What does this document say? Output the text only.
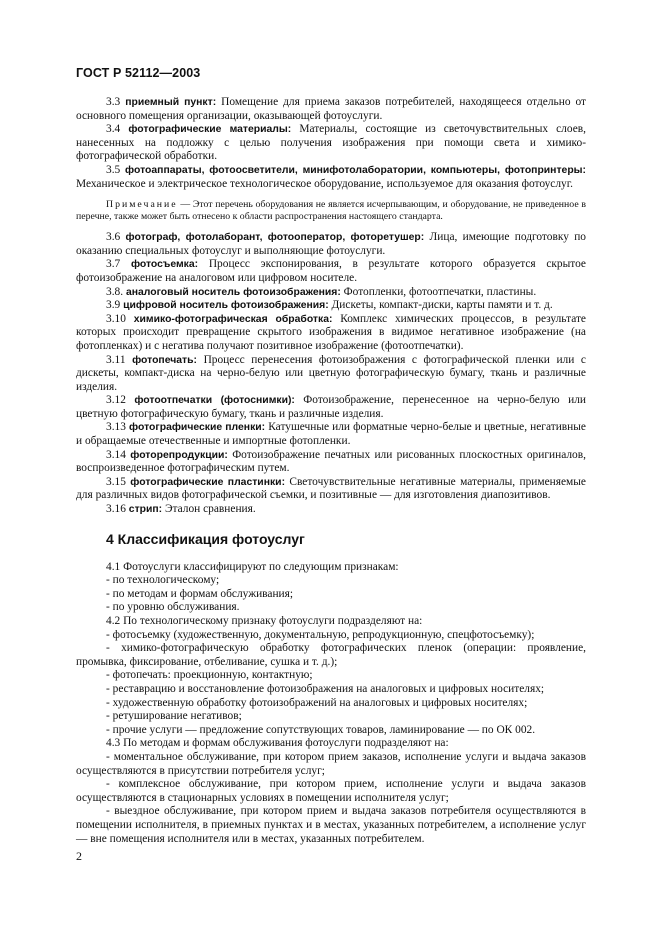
ГОСТ Р 52112—2003

3.3 приемный пункт: Помещение для приема заказов потребителей, находящееся отдельно от основного помещения организации, оказывающей фотоуслуги.

3.4 фотографические материалы: Материалы, состоящие из светочувствительных слоев, нанесенных на подложку с целью получения изображения при помощи света и химико-фотографической обработки.

3.5 фотоаппараты, фотоосветители, минифотолаборатории, компьютеры, фотопринтеры: Механическое и электрическое технологическое оборудование, используемое для оказания фотоуслуг.

Примечание — Этот перечень оборудования не является исчерпывающим, и оборудование, не приведенное в перечне, также может быть отнесено к области распространения настоящего стандарта.

3.6 фотограф, фотолаборант, фотооператор, фоторетушер: Лица, имеющие подготовку по оказанию специальных фотоуслуг и выполняющие фотоуслуги.

3.7 фотосъемка: Процесс экспонирования, в результате которого образуется скрытое фотоизображение на аналоговом или цифровом носителе.

3.8. аналоговый носитель фотоизображения: Фотопленки, фотоотпечатки, пластины.

3.9 цифровой носитель фотоизображения: Дискеты, компакт-диски, карты памяти и т. д.

3.10 химико-фотографическая обработка: Комплекс химических процессов, в результате которых происходит превращение скрытого изображения в видимое негативное изображение (на фотопленках) и с негатива получают позитивное изображение (фотоотпечатки).

3.11 фотопечать: Процесс перенесения фотоизображения с фотографической пленки или с дискеты, компакт-диска на черно-белую или цветную фотографическую бумагу, ткань и различные изделия.

3.12 фотоотпечатки (фотоснимки): Фотоизображение, перенесенное на черно-белую или цветную фотографическую бумагу, ткань и различные изделия.

3.13 фотографические пленки: Катушечные или форматные черно-белые и цветные, негативные и обращаемые отечественные и импортные фотопленки.

3.14 фоторепродукции: Фотоизображение печатных или рисованных плоскостных оригиналов, воспроизведенное фотографическим путем.

3.15 фотографические пластинки: Светочувствительные негативные материалы, применяемые для различных видов фотографической съемки, и позитивные — для изготовления диапозитивов.

3.16 стрип: Эталон сравнения.

4 Классификация фотоуслуг

4.1 Фотоуслуги классифицируют по следующим признакам:

- по технологическому;

- по методам и формам обслуживания;

- по уровню обслуживания.

4.2 По технологическому признаку фотоуслуги подразделяют на:

- фотосъемку (художественную, документальную, репродукционную, спецфотосъемку);

- химико-фотографическую обработку фотографических пленок (операции: проявление, промывка, фиксирование, отбеливание, сушка и т. д.);

- фотопечать: проекционную, контактную;

- реставрацию и восстановление фотоизображения на аналоговых и цифровых носителях;

- художественную обработку фотоизображений на аналоговых и цифровых носителях;

- ретуширование негативов;

- прочие услуги — предложение сопутствующих товаров, ламинирование — по ОК 002.

4.3 По методам и формам обслуживания фотоуслуги подразделяют на:

- моментальное обслуживание, при котором прием заказов, исполнение услуги и выдача заказов осуществляются в присутствии потребителя услуг;

- комплексное обслуживание, при котором прием, исполнение услуги и выдача заказов осуществляются в стационарных условиях в помещении исполнителя услуг;

- выездное обслуживание, при котором прием и выдача заказов потребителя осуществляются в помещении исполнителя, в приемных пунктах и в местах, указанных потребителем, а исполнение услуг — вне помещения исполнителя или в местах, указанных потребителем.

2
